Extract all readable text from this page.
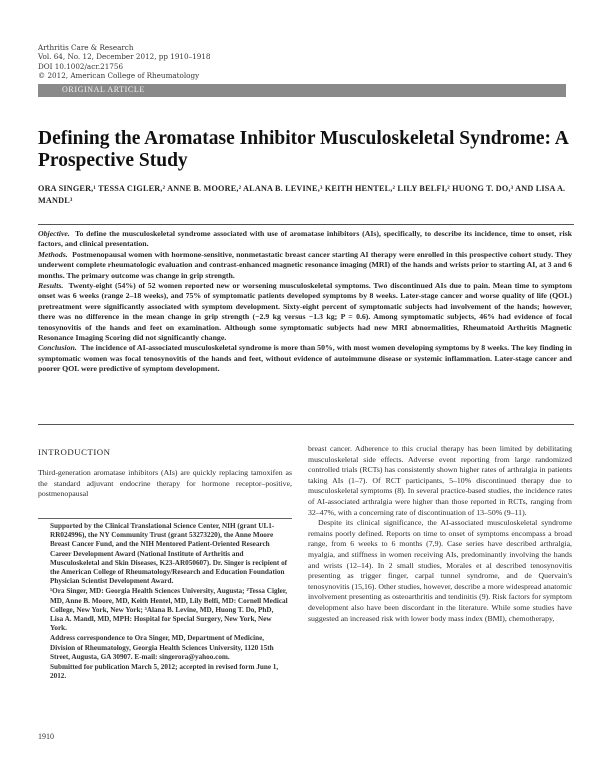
Arthritis Care & Research
Vol. 64, No. 12, December 2012, pp 1910–1918
DOI 10.1002/acr.21756
© 2012, American College of Rheumatology
ORIGINAL ARTICLE
Defining the Aromatase Inhibitor Musculoskeletal Syndrome: A Prospective Study
ORA SINGER,¹ TESSA CIGLER,² ANNE B. MOORE,² ALANA B. LEVINE,³ KEITH HENTEL,² LILY BELFI,² HUONG T. DO,³ AND LISA A. MANDL³

Objective. To define the musculoskeletal syndrome associated with use of aromatase inhibitors (AIs), specifically, to describe its incidence, time to onset, risk factors, and clinical presentation.

Methods. Postmenopausal women with hormone-sensitive, nonmetastatic breast cancer starting AI therapy were enrolled in this prospective cohort study. They underwent complete rheumatologic evaluation and contrast-enhanced magnetic resonance imaging (MRI) of the hands and wrists prior to starting AI, at 3 and 6 months. The primary outcome was change in grip strength.

Results. Twenty-eight (54%) of 52 women reported new or worsening musculoskeletal symptoms. Two discontinued AIs due to pain. Mean time to symptom onset was 6 weeks (range 2–18 weeks), and 75% of symptomatic patients developed symptoms by 8 weeks. Later-stage cancer and worse quality of life (QOL) pretreatment were significantly associated with symptom development. Sixty-eight percent of symptomatic subjects had involvement of the hands; however, there was no difference in the mean change in grip strength (−2.9 kg versus −1.3 kg; P = 0.6). Among symptomatic subjects, 46% had evidence of focal tenosynovitis of the hands and feet on examination. Although some symptomatic subjects had new MRI abnormalities, Rheumatoid Arthritis Magnetic Resonance Imaging Scoring did not significantly change.

Conclusion. The incidence of AI-associated musculoskeletal syndrome is more than 50%, with most women developing symptoms by 8 weeks. The key finding in symptomatic women was focal tenosynovitis of the hands and feet, without evidence of autoimmune disease or systemic inflammation. Later-stage cancer and poorer QOL were predictive of symptom development.

INTRODUCTION

Third-generation aromatase inhibitors (AIs) are quickly replacing tamoxifen as the standard adjuvant endocrine therapy for hormone receptor–positive, postmenopausal

Supported by the Clinical Translational Science Center, NIH (grant UL1-RR024996), the NY Community Trust (grant 53273220), the Anne Moore Breast Cancer Fund, and the NIH Mentored Patient-Oriented Research Career Development Award (National Institute of Arthritis and Musculoskeletal and Skin Diseases, K23-AR050607). Dr. Singer is recipient of the American College of Rheumatology/Research and Education Foundation Physician Scientist Development Award.

¹Ora Singer, MD: Georgia Health Sciences University, Augusta; ²Tessa Cigler, MD, Anne B. Moore, MD, Keith Hentel, MD, Lily Belfi, MD: Cornell Medical College, New York, New York; ³Alana B. Levine, MD, Huong T. Do, PhD, Lisa A. Mandl, MD, MPH: Hospital for Special Surgery, New York, New York.

Address correspondence to Ora Singer, MD, Department of Medicine, Division of Rheumatology, Georgia Health Sciences University, 1120 15th Street, Augusta, GA 30907. E-mail: singerora@yahoo.com.

Submitted for publication March 5, 2012; accepted in revised form June 1, 2012.

breast cancer. Adherence to this crucial therapy has been limited by debilitating musculoskeletal side effects. Adverse event reporting from large randomized controlled trials (RCTs) has consistently shown higher rates of arthralgia in patients taking AIs (1–7). Of RCT participants, 5–10% discontinued therapy due to musculoskeletal symptoms (8). In several practice-based studies, the incidence rates of AI-associated arthralgia were higher than those reported in RCTs, ranging from 32–47%, with a concerning rate of discontinuation of 13–50% (9–11).

Despite its clinical significance, the AI-associated musculoskeletal syndrome remains poorly defined. Reports on time to onset of symptoms encompass a broad range, from 6 weeks to 6 months (7,9). Case series have described arthralgia, myalgia, and stiffness in women receiving AIs, predominantly involving the hands and wrists (12–14). In 2 small studies, Morales et al described tenosynovitis presenting as trigger finger, carpal tunnel syndrome, and de Quervain's tenosynovitis (15,16). Other studies, however, describe a more widespread anatomic involvement presenting as osteoarthritis and tendinitis (9). Risk factors for symptom development also have been discordant in the literature. While some studies have suggested an increased risk with lower body mass index (BMI), chemotherapy,

1910
